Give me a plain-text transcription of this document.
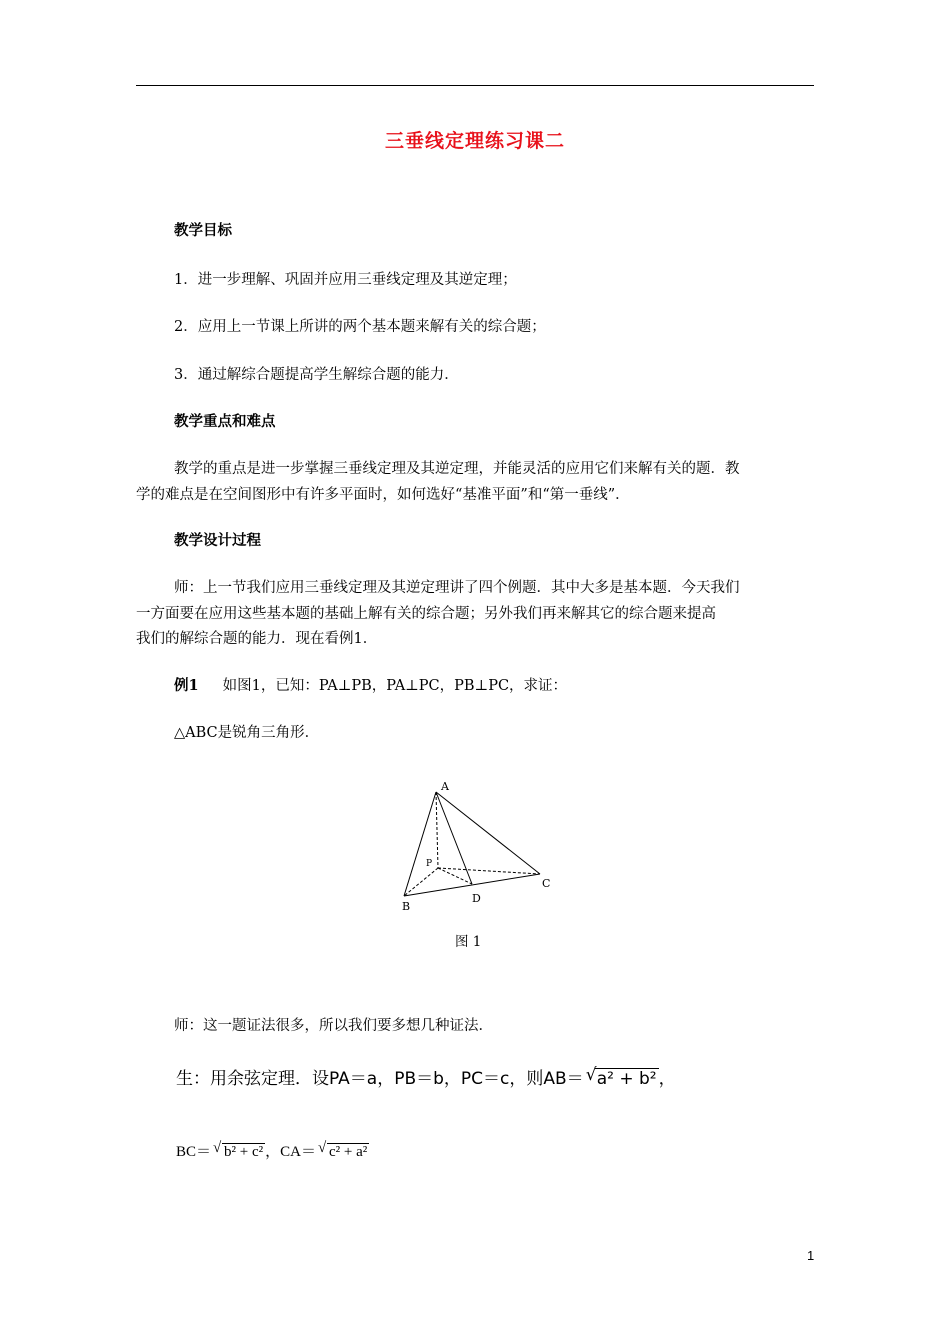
三垂线定理练习课二
教学目标
1．进一步理解、巩固并应用三垂线定理及其逆定理；
2．应用上一节课上所讲的两个基本题来解有关的综合题；
3．通过解综合题提高学生解综合题的能力．
教学重点和难点
教学的重点是进一步掌握三垂线定理及其逆定理，并能灵活的应用它们来解有关的题．教
学的难点是在空间图形中有许多平面时，如何选好“基准平面”和“第一垂线”．
教学设计过程
师：上一节我们应用三垂线定理及其逆定理讲了四个例题．其中大多是基本题．今天我们
一方面要在应用这些基本题的基础上解有关的综合题；另外我们再来解其它的综合题来提高
我们的解综合题的能力．现在看例1．
例1 如图1，已知：PA⊥PB，PA⊥PC，PB⊥PC，求证：
△ABC是锐角三角形．
A
P
C
B
D
图 1
师：这一题证法很多，所以我们要多想几种证法．
生：用余弦定理．设PA＝a，PB＝b，PC＝c，则AB＝ √ a² + b² ，
BC＝ √ b² + c² ，CA＝ √ c² + a²
1
